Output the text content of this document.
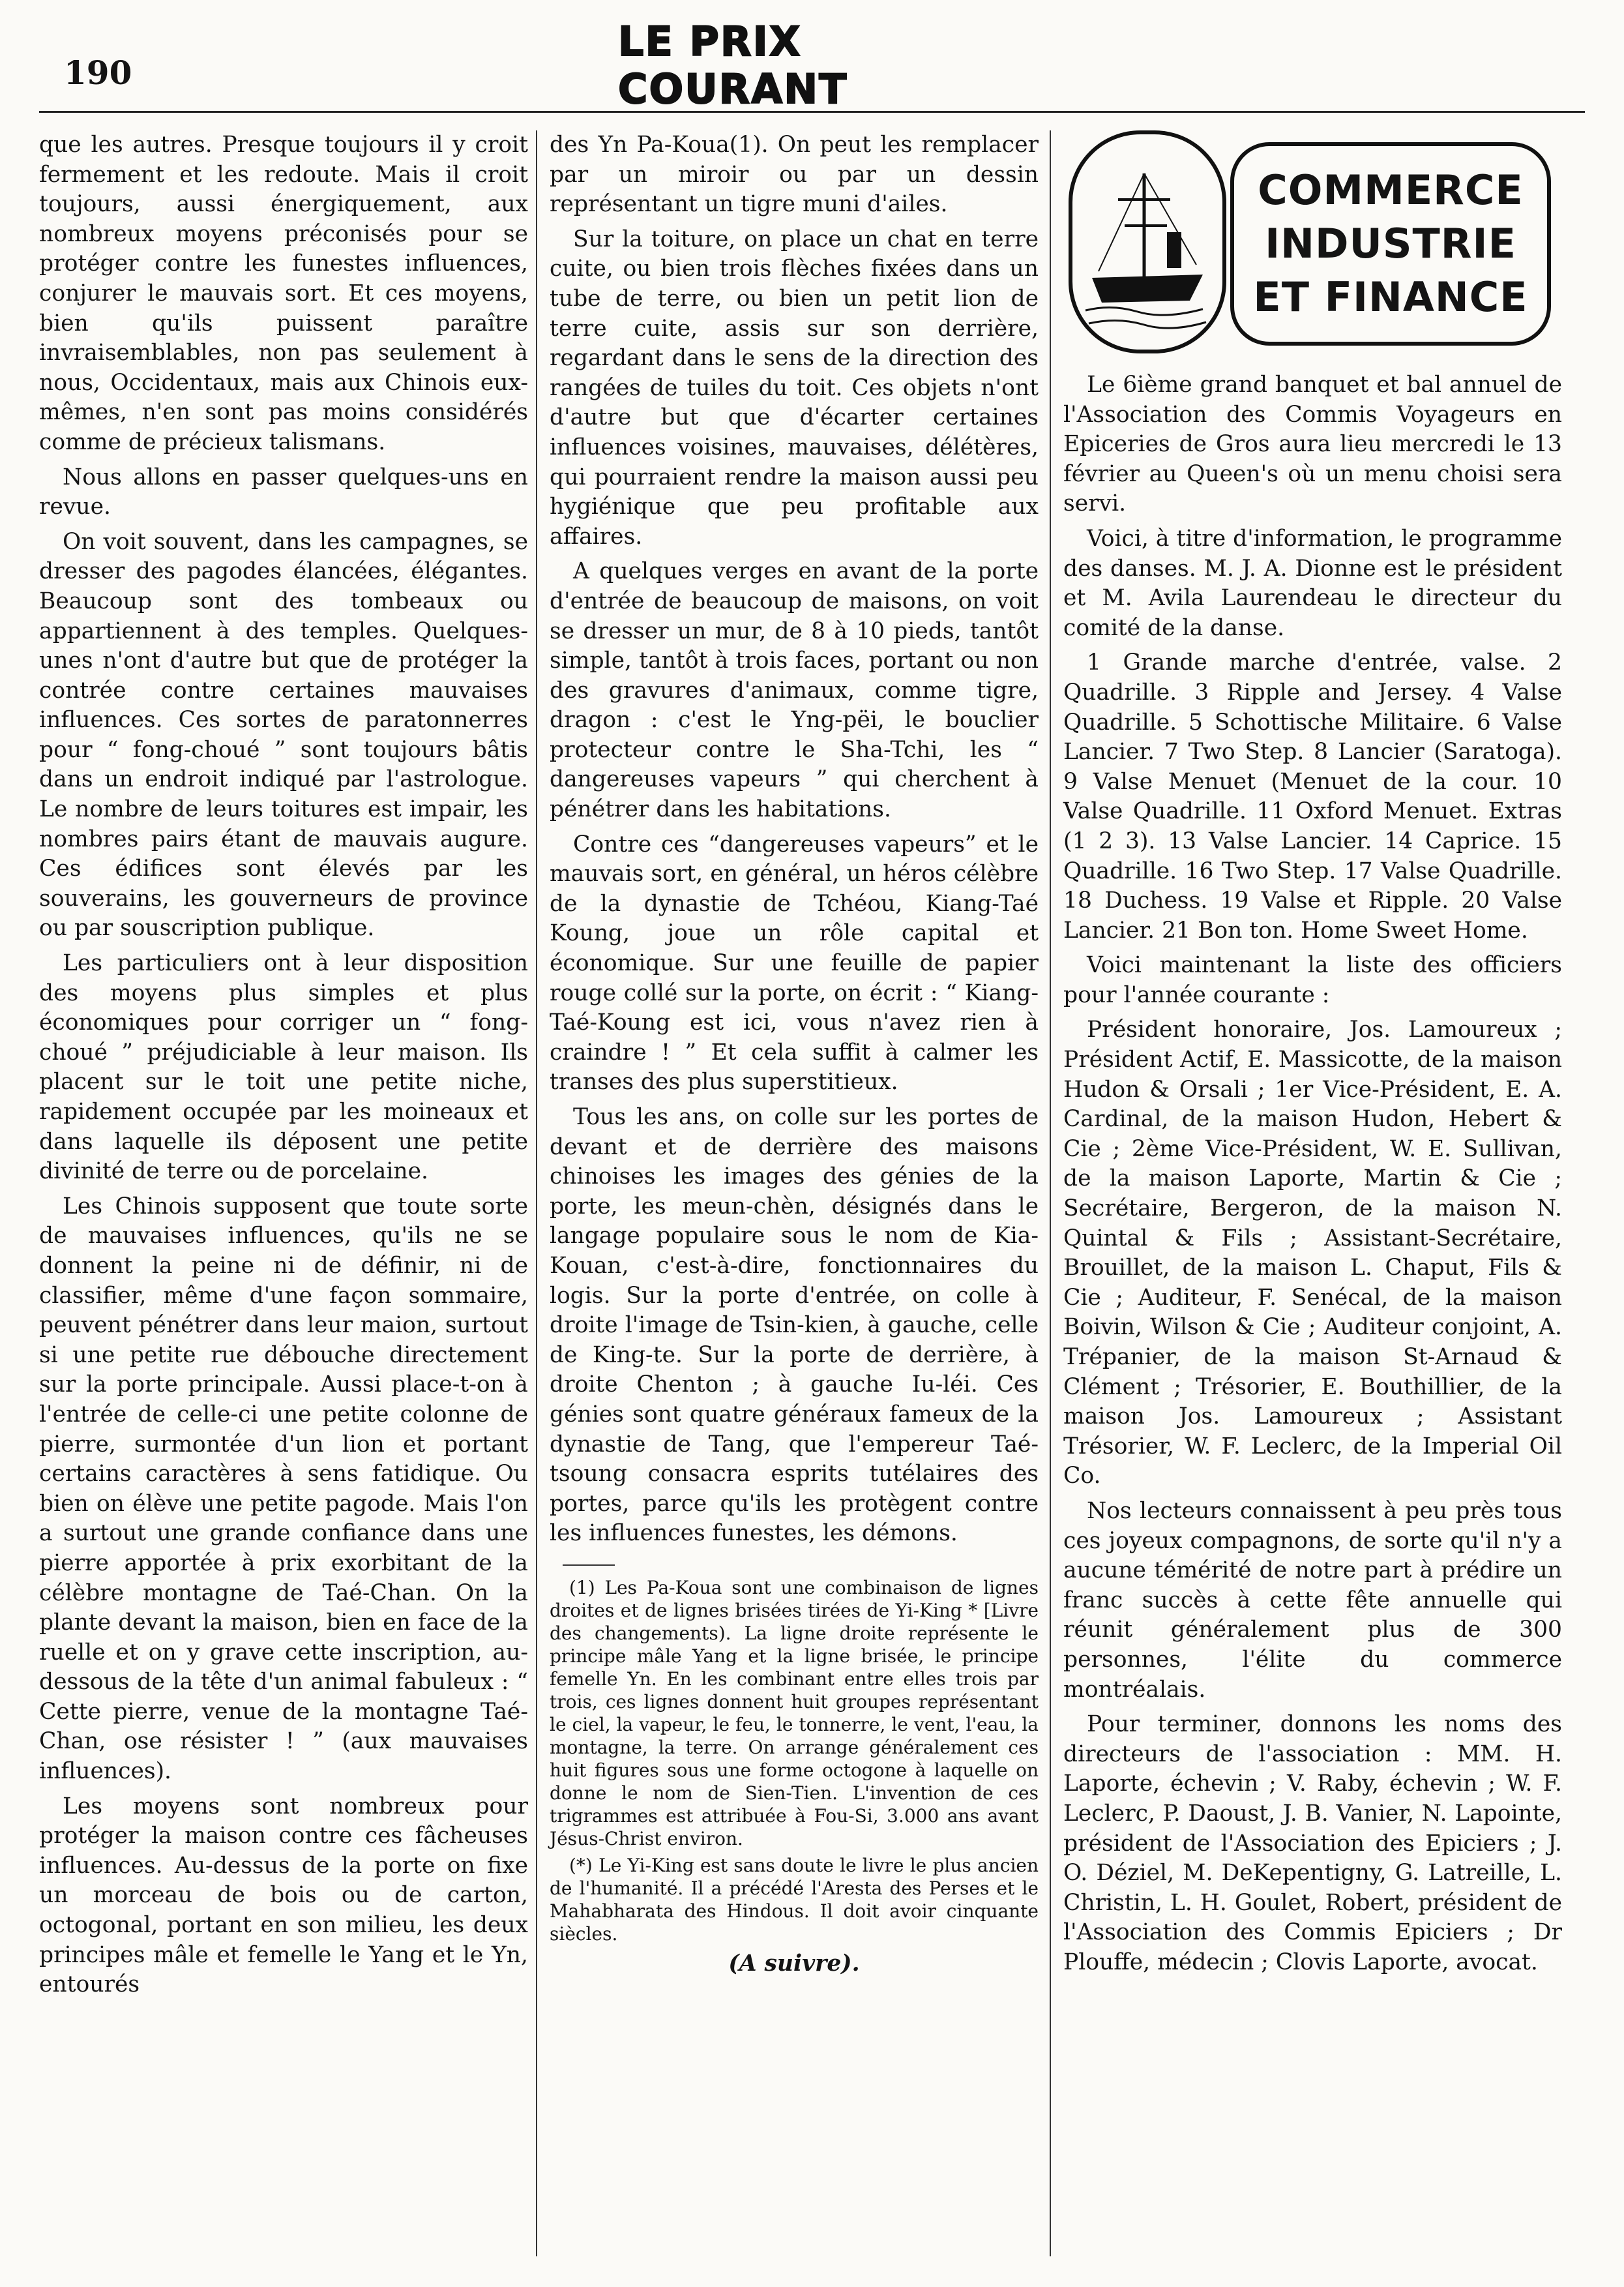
190
LE PRIX COURANT

que les autres. Presque toujours il y croit fermement et les redoute. Mais il croit toujours, aussi énergiquement, aux nombreux moyens préconisés pour se protéger contre les funestes influences, conjurer le mauvais sort. Et ces moyens, bien qu'ils puissent paraître invraisemblables, non pas seulement à nous, Occidentaux, mais aux Chinois eux-mêmes, n'en sont pas moins considérés comme de précieux talismans.

Nous allons en passer quelques-uns en revue.

On voit souvent, dans les campagnes, se dresser des pagodes élancées, élégantes. Beaucoup sont des tombeaux ou appartiennent à des temples. Quelques-unes n'ont d'autre but que de protéger la contrée contre certaines mauvaises influences. Ces sortes de paratonnerres pour “ fong-choué ” sont toujours bâtis dans un endroit indiqué par l'astrologue. Le nombre de leurs toitures est impair, les nombres pairs étant de mauvais augure. Ces édifices sont élevés par les souverains, les gouverneurs de province ou par souscription publique.

Les particuliers ont à leur disposition des moyens plus simples et plus économiques pour corriger un “ fong-choué ” préjudiciable à leur maison. Ils placent sur le toit une petite niche, rapidement occupée par les moineaux et dans laquelle ils déposent une petite divinité de terre ou de porcelaine.

Les Chinois supposent que toute sorte de mauvaises influences, qu'ils ne se donnent la peine ni de définir, ni de classifier, même d'une façon sommaire, peuvent pénétrer dans leur maion, surtout si une petite rue débouche directement sur la porte principale. Aussi place-t-on à l'entrée de celle-ci une petite colonne de pierre, surmontée d'un lion et portant certains caractères à sens fatidique. Ou bien on élève une petite pagode. Mais l'on a surtout une grande confiance dans une pierre apportée à prix exorbitant de la célèbre montagne de Taé-Chan. On la plante devant la maison, bien en face de la ruelle et on y grave cette inscription, au-dessous de la tête d'un animal fabuleux : “ Cette pierre, venue de la montagne Taé-Chan, ose résister ! ” (aux mauvaises influences).

Les moyens sont nombreux pour protéger la maison contre ces fâcheuses influences. Au-dessus de la porte on fixe un morceau de bois ou de carton, octogonal, portant en son milieu, les deux principes mâle et femelle le Yang et le Yn, entourés

des Yn Pa-Koua(1). On peut les remplacer par un miroir ou par un dessin représentant un tigre muni d'ailes.

Sur la toiture, on place un chat en terre cuite, ou bien trois flèches fixées dans un tube de terre, ou bien un petit lion de terre cuite, assis sur son derrière, regardant dans le sens de la direction des rangées de tuiles du toit. Ces objets n'ont d'autre but que d'écarter certaines influences voisines, mauvaises, délétères, qui pourraient rendre la maison aussi peu hygiénique que peu profitable aux affaires.

A quelques verges en avant de la porte d'entrée de beaucoup de maisons, on voit se dresser un mur, de 8 à 10 pieds, tantôt simple, tantôt à trois faces, portant ou non des gravures d'animaux, comme tigre, dragon : c'est le Yng-pëi, le bouclier protecteur contre le Sha-Tchi, les “ dangereuses vapeurs ” qui cherchent à pénétrer dans les habitations.

Contre ces “dangereuses vapeurs” et le mauvais sort, en général, un héros célèbre de la dynastie de Tchéou, Kiang-Taé Koung, joue un rôle capital et économique. Sur une feuille de papier rouge collé sur la porte, on écrit : “ Kiang-Taé-Koung est ici, vous n'avez rien à craindre ! ” Et cela suffit à calmer les transes des plus superstitieux.

Tous les ans, on colle sur les portes de devant et de derrière des maisons chinoises les images des génies de la porte, les meun-chèn, désignés dans le langage populaire sous le nom de Kia-Kouan, c'est-à-dire, fonctionnaires du logis. Sur la porte d'entrée, on colle à droite l'image de Tsin-kien, à gauche, celle de King-te. Sur la porte de derrière, à droite Chenton ; à gauche Iu-léi. Ces génies sont quatre généraux fameux de la dynastie de Tang, que l'empereur Taé-tsoung consacra esprits tutélaires des portes, parce qu'ils les protègent contre les influences funestes, les démons.

(1) Les Pa-Koua sont une combinaison de lignes droites et de lignes brisées tirées de Yi-King * [Livre des changements). La ligne droite représente le principe mâle Yang et la ligne brisée, le principe femelle Yn. En les combinant entre elles trois par trois, ces lignes donnent huit groupes représentant le ciel, la vapeur, le feu, le tonnerre, le vent, l'eau, la montagne, la terre. On arrange généralement ces huit figures sous une forme octogone à laquelle on donne le nom de Sien-Tien. L'invention de ces trigrammes est attribuée à Fou-Si, 3.000 ans avant Jésus-Christ environ.

(*) Le Yi-King est sans doute le livre le plus ancien de l'humanité. Il a précédé l'Aresta des Perses et le Mahabharata des Hindous. Il doit avoir cinquante siècles.

(A suivre).

COMMERCE
INDUSTRIE
ET FINANCE

Le 6ième grand banquet et bal annuel de l'Association des Commis Voyageurs en Epiceries de Gros aura lieu mercredi le 13 février au Queen's où un menu choisi sera servi.

Voici, à titre d'information, le programme des danses. M. J. A. Dionne est le président et M. Avila Laurendeau le directeur du comité de la danse.

1 Grande marche d'entrée, valse. 2 Quadrille. 3 Ripple and Jersey. 4 Valse Quadrille. 5 Schottische Militaire. 6 Valse Lancier. 7 Two Step. 8 Lancier (Saratoga). 9 Valse Menuet (Menuet de la cour. 10 Valse Quadrille. 11 Oxford Menuet. Extras (1 2 3). 13 Valse Lancier. 14 Caprice. 15 Quadrille. 16 Two Step. 17 Valse Quadrille. 18 Duchess. 19 Valse et Ripple. 20 Valse Lancier. 21 Bon ton. Home Sweet Home.

Voici maintenant la liste des officiers pour l'année courante :

Président honoraire, Jos. Lamoureux ; Président Actif, E. Massicotte, de la maison Hudon & Orsali ; 1er Vice-Président, E. A. Cardinal, de la maison Hudon, Hebert & Cie ; 2ème Vice-Président, W. E. Sullivan, de la maison Laporte, Martin & Cie ; Secrétaire, Bergeron, de la maison N. Quintal & Fils ; Assistant-Secrétaire, Brouillet, de la maison L. Chaput, Fils & Cie ; Auditeur, F. Senécal, de la maison Boivin, Wilson & Cie ; Auditeur conjoint, A. Trépanier, de la maison St-Arnaud & Clément ; Trésorier, E. Bouthillier, de la maison Jos. Lamoureux ; Assistant Trésorier, W. F. Leclerc, de la Imperial Oil Co.

Nos lecteurs connaissent à peu près tous ces joyeux compagnons, de sorte qu'il n'y a aucune témérité de notre part à prédire un franc succès à cette fête annuelle qui réunit généralement plus de 300 personnes, l'élite du commerce montréalais.

Pour terminer, donnons les noms des directeurs de l'association : MM. H. Laporte, échevin ; V. Raby, échevin ; W. F. Leclerc, P. Daoust, J. B. Vanier, N. Lapointe, président de l'Association des Epiciers ; J. O. Déziel, M. DeKepentigny, G. Latreille, L. Christin, L. H. Goulet, Robert, président de l'Association des Commis Epiciers ; Dr Plouffe, médecin ; Clovis Laporte, avocat.
